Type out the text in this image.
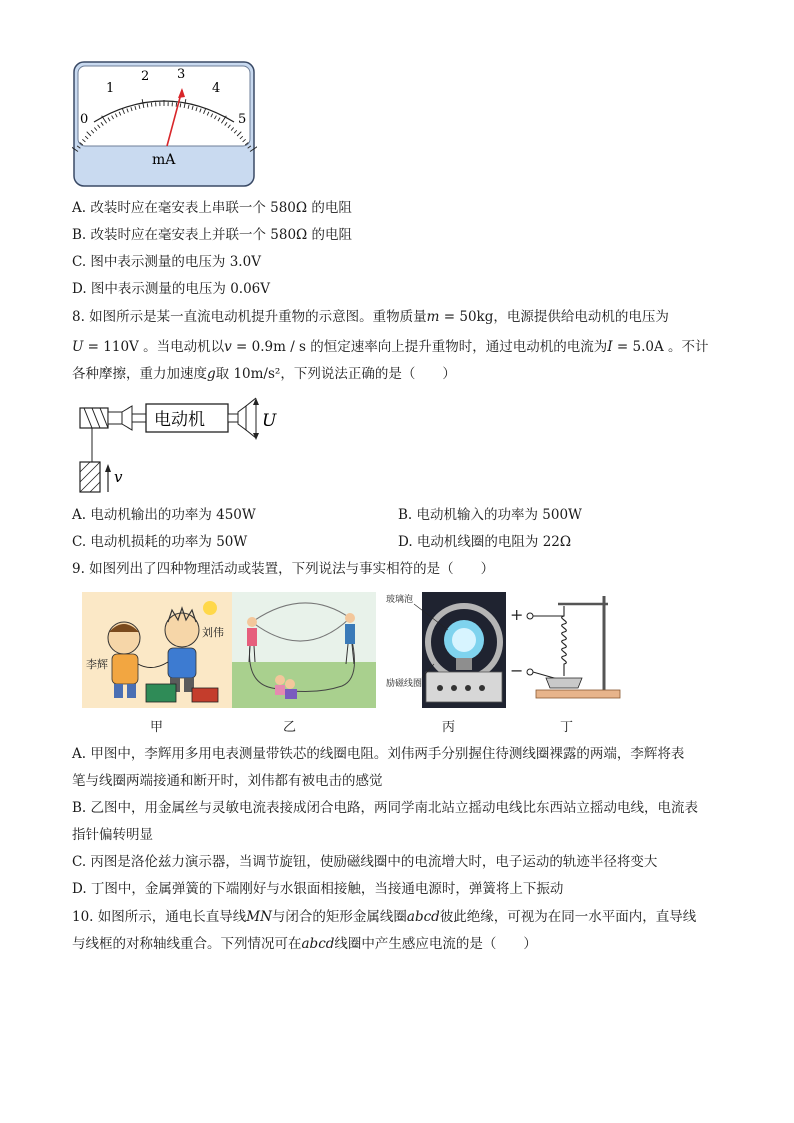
0
1
2 3
4
5
mA
A. 改装时应在毫安表上串联一个 580Ω 的电阻
B. 改装时应在毫安表上并联一个 580Ω 的电阻
C. 图中表示测量的电压为 3.0V
D. 图中表示测量的电压为 0.06V
8. 如图所示是某一直流电动机提升重物的示意图。重物质量m = 50kg，电源提供给电动机的电压为
U = 110V 。当电动机以v = 0.9m / s 的恒定速率向上提升重物时，通过电动机的电流为I = 5.0A 。不计
各种摩擦，重力加速度g取 10m/s²，下列说法正确的是（　　）
电动机	U
v
A. 电动机输出的功率为 450W	B. 电动机输入的功率为 500W
C. 电动机损耗的功率为 50W	D. 电动机线圈的电阻为 22Ω
9. 如图列出了四种物理活动或装置，下列说法与事实相符的是（　　）
李辉
刘伟
玻璃泡
励磁线圈
+
−
甲	乙	丙	丁
A. 甲图中，李辉用多用电表测量带铁芯的线圈电阻。刘伟两手分别握住待测线圈裸露的两端，李辉将表
笔与线圈两端接通和断开时，刘伟都有被电击的感觉
B. 乙图中，用金属丝与灵敏电流表接成闭合电路，两同学南北站立摇动电线比东西站立摇动电线，电流表
指针偏转明显
C. 丙图是洛伦兹力演示器，当调节旋钮，使励磁线圈中的电流增大时，电子运动的轨迹半径将变大
D. 丁图中，金属弹簧的下端刚好与水银面相接触，当接通电源时，弹簧将上下振动
10. 如图所示，通电长直导线MN与闭合的矩形金属线圈abcd彼此绝缘，可视为在同一水平面内，直导线
与线框的对称轴线重合。下列情况可在abcd线圈中产生感应电流的是（　　）
